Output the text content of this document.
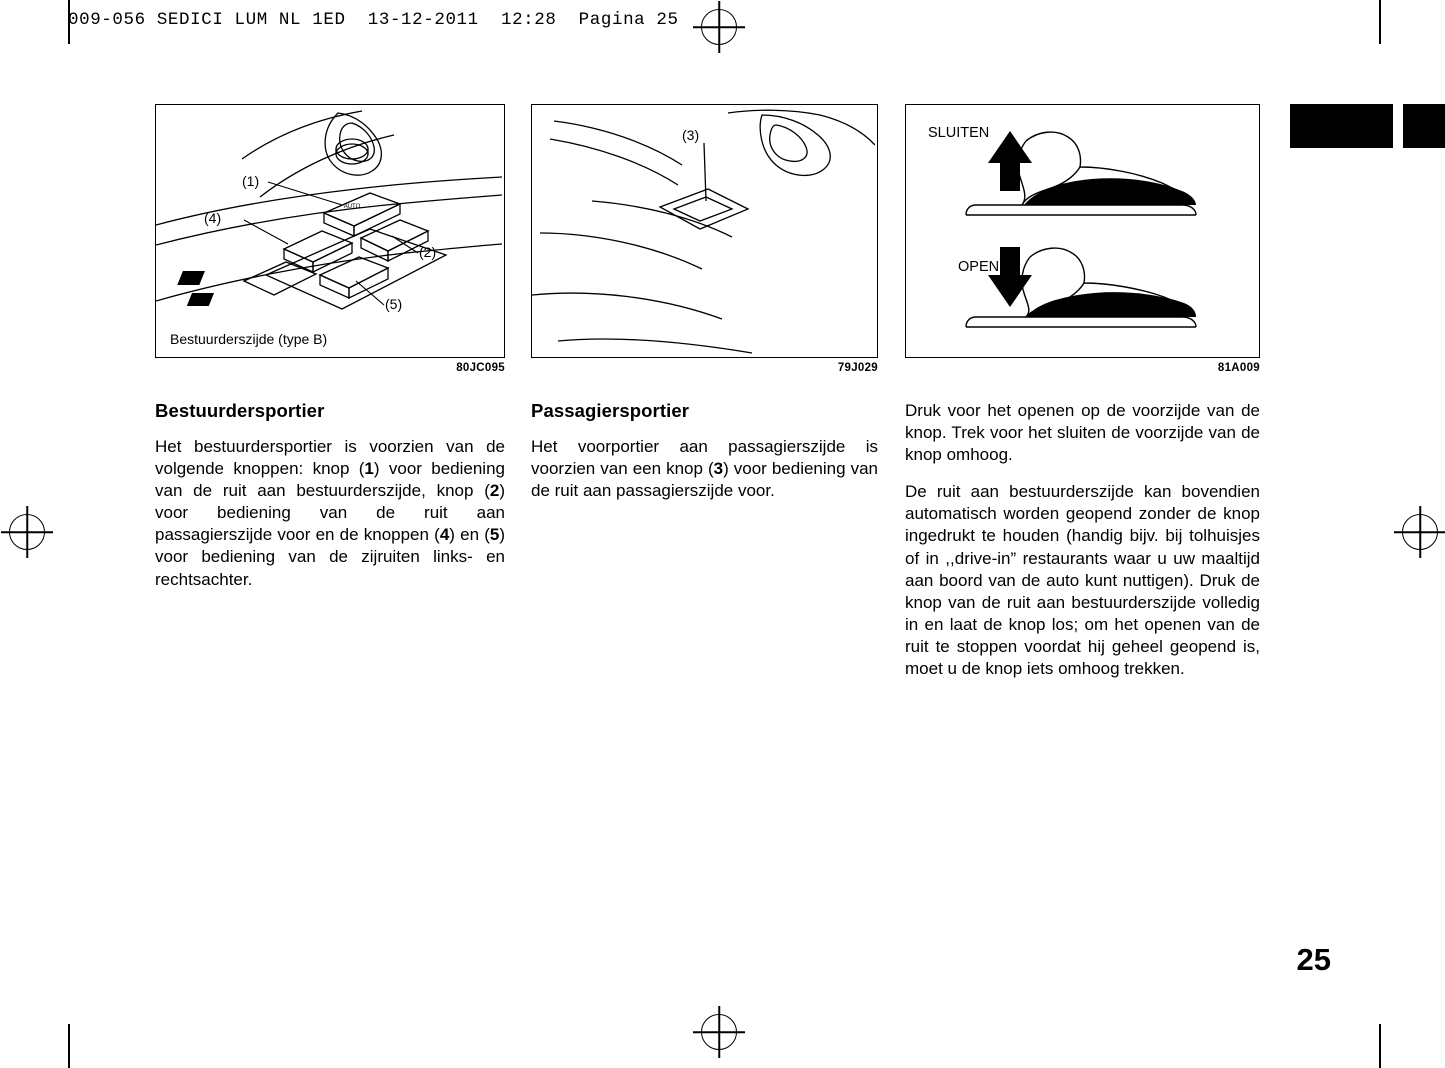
009-056 SEDICI LUM NL 1ED  13-12-2011  12:28  Pagina 25
AUTO
(1)
(4)
(2)
(5)
Bestuurderszijde (type B)
80JC095
Bestuurdersportier

Het bestuurdersportier is voorzien van de volgende knoppen: knop (1) voor bediening van de ruit aan bestuurderszijde, knop (2) voor bediening van de ruit aan passagierszijde voor en de knoppen (4) en (5) voor bediening van de zijruiten links- en rechtsachter.

(3)
79J029
Passagiersportier

Het voorportier aan passagierszijde is voorzien van een knop (3) voor bediening van de ruit aan passagierszijde voor.

SLUITEN
OPENEN
81A009

Druk voor het openen op de voorzijde van de knop. Trek voor het sluiten de voorzijde van de knop omhoog.

De ruit aan bestuurderszijde kan bovendien automatisch worden geopend zonder de knop ingedrukt te houden (handig bijv. bij tolhuisjes of in ,,drive-in” restaurants waar u uw maaltijd aan boord van de auto kunt nuttigen). Druk de knop van de ruit aan bestuurderszijde volledig in en laat de knop los; om het openen van de ruit te stoppen voordat hij geheel geopend is, moet u de knop iets omhoog trekken.

25
